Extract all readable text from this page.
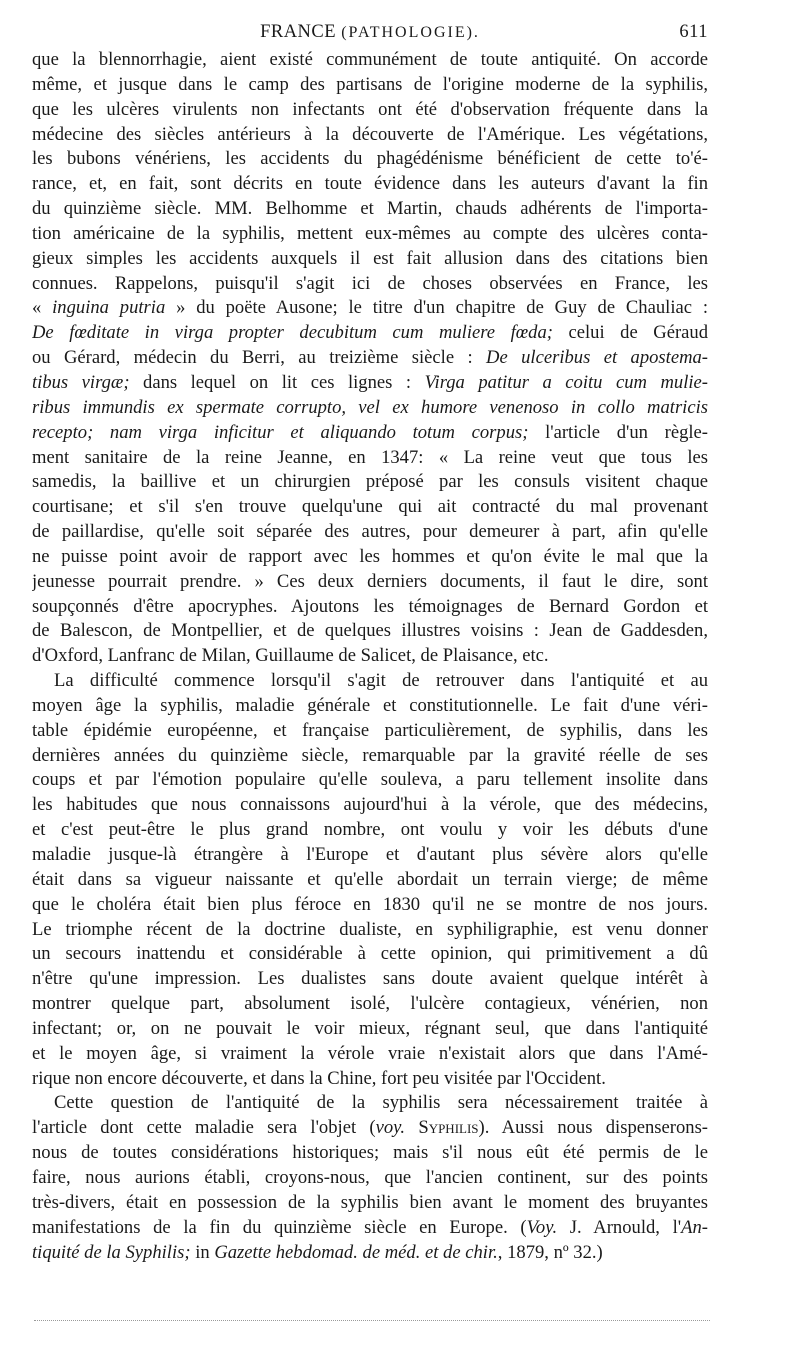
FRANCE (PATHOLOGIE).	611

que la blennorrhagie, aient existé communément de toute antiquité. On accorde
même, et jusque dans le camp des partisans de l'origine moderne de la syphilis,
que les ulcères virulents non infectants ont été d'observation fréquente dans la
médecine des siècles antérieurs à la découverte de l'Amérique. Les végétations,
les bubons vénériens, les accidents du phagédénisme bénéficient de cette to'é-
rance, et, en fait, sont décrits en toute évidence dans les auteurs d'avant la fin
du quinzième siècle. MM. Belhomme et Martin, chauds adhérents de l'importa-
tion américaine de la syphilis, mettent eux-mêmes au compte des ulcères conta-
gieux simples les accidents auxquels il est fait allusion dans des citations bien
connues. Rappelons, puisqu'il s'agit ici de choses observées en France, les
« inguina putria » du poëte Ausone; le titre d'un chapitre de Guy de Chauliac :
De fœditate in virga propter decubitum cum muliere fœda; celui de Géraud
ou Gérard, médecin du Berri, au treizième siècle : De ulceribus et apostema-
tibus virgæ; dans lequel on lit ces lignes : Virga patitur a coitu cum mulie-
ribus immundis ex spermate corrupto, vel ex humore venenoso in collo matricis
recepto; nam virga inficitur et aliquando totum corpus; l'article d'un règle-
ment sanitaire de la reine Jeanne, en 1347: « La reine veut que tous les
samedis, la baillive et un chirurgien préposé par les consuls visitent chaque
courtisane; et s'il s'en trouve quelqu'une qui ait contracté du mal provenant
de paillardise, qu'elle soit séparée des autres, pour demeurer à part, afin qu'elle
ne puisse point avoir de rapport avec les hommes et qu'on évite le mal que la
jeunesse pourrait prendre. » Ces deux derniers documents, il faut le dire, sont
soupçonnés d'être apocryphes. Ajoutons les témoignages de Bernard Gordon et
de Balescon, de Montpellier, et de quelques illustres voisins : Jean de Gaddesden,
d'Oxford, Lanfranc de Milan, Guillaume de Salicet, de Plaisance, etc.

La difficulté commence lorsqu'il s'agit de retrouver dans l'antiquité et au
moyen âge la syphilis, maladie générale et constitutionnelle. Le fait d'une véri-
table épidémie européenne, et française particulièrement, de syphilis, dans les
dernières années du quinzième siècle, remarquable par la gravité réelle de ses
coups et par l'émotion populaire qu'elle souleva, a paru tellement insolite dans
les habitudes que nous connaissons aujourd'hui à la vérole, que des médecins,
et c'est peut-être le plus grand nombre, ont voulu y voir les débuts d'une
maladie jusque-là étrangère à l'Europe et d'autant plus sévère alors qu'elle
était dans sa vigueur naissante et qu'elle abordait un terrain vierge; de même
que le choléra était bien plus féroce en 1830 qu'il ne se montre de nos jours.
Le triomphe récent de la doctrine dualiste, en syphiligraphie, est venu donner
un secours inattendu et considérable à cette opinion, qui primitivement a dû
n'être qu'une impression. Les dualistes sans doute avaient quelque intérêt à
montrer quelque part, absolument isolé, l'ulcère contagieux, vénérien, non
infectant; or, on ne pouvait le voir mieux, régnant seul, que dans l'antiquité
et le moyen âge, si vraiment la vérole vraie n'existait alors que dans l'Amé-
rique non encore découverte, et dans la Chine, fort peu visitée par l'Occident.

Cette question de l'antiquité de la syphilis sera nécessairement traitée à
l'article dont cette maladie sera l'objet (voy. Syphilis). Aussi nous dispenserons-
nous de toutes considérations historiques; mais s'il nous eût été permis de le
faire, nous aurions établi, croyons-nous, que l'ancien continent, sur des points
très-divers, était en possession de la syphilis bien avant le moment des bruyantes
manifestations de la fin du quinzième siècle en Europe. (Voy. J. Arnould, l'An-
tiquité de la Syphilis; in Gazette hebdomad. de méd. et de chir., 1879, nº 32.)
